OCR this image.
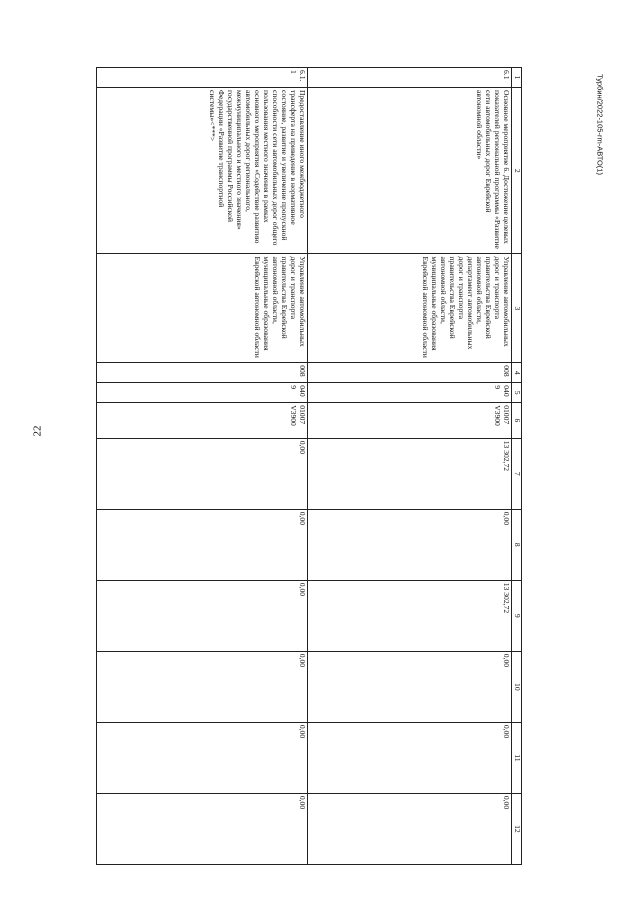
22
Турбин/2022-105-rm-АВТО(1)
1	2	3	4	5	6	7	8	9	10	11	12
6.1	Основное мероприятие 6. Достижение целевых показателей региональной программы «Развитие сети автомобильных дорог Еврейской автономной области»	Управление автомобильных дорог и транспорта правительства Еврейской автономной области, департамент автомобильных дорог и транспорта правительства Еврейской автономной области, муниципальные образования Еврейской автономной области	008	0409	01007 V3900	13 302,72	0,00	13 302,72	0,00	0,00	0,00
6.1.1	Предоставление иного межбюджетного трансферта на приведение в нормативное состояние, развитие и увеличение пропускной способности сети автомобильных дорог общего пользования местного значения в рамках основного мероприятия «Содействие развитию автомобильных дорог регионального, межмуниципального и местного значения» государственной программы Российской Федерации «Развитие транспортной системы»<***>	Управление автомобильных дорог и транспорта правительства Еврейской автономной области, муниципальные образования Еврейской автономной области	008	0409	01007 V3900	0,00	0,00	0,00	0,00	0,00	0,00
